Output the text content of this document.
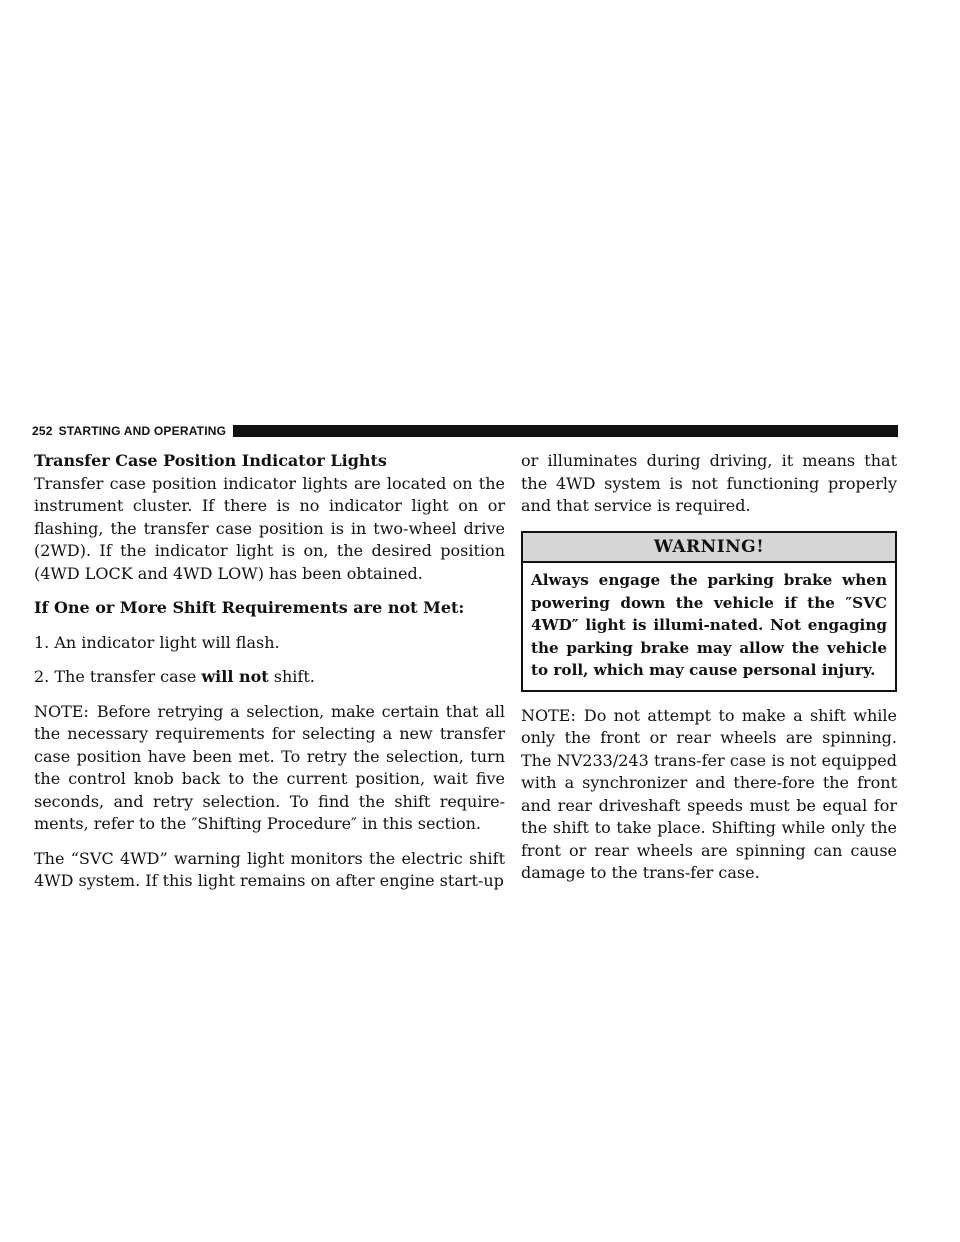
252 STARTING AND OPERATING

Transfer Case Position Indicator Lights

Transfer case position indicator lights are located on the instrument cluster. If there is no indicator light on or flashing, the transfer case position is in two-wheel drive (2WD). If the indicator light is on, the desired position (4WD LOCK and 4WD LOW) has been obtained.

If One or More Shift Requirements are not Met:

1. An indicator light will flash.

2. The transfer case will not shift.

NOTE: Before retrying a selection, make certain that all the necessary requirements for selecting a new transfer case position have been met. To retry the selection, turn the control knob back to the current position, wait five seconds, and retry selection. To find the shift require-ments, refer to the ″Shifting Procedure″ in this section.

The “SVC 4WD” warning light monitors the electric shift 4WD system. If this light remains on after engine start-up

or illuminates during driving, it means that the 4WD system is not functioning properly and that service is required.

WARNING!
Always engage the parking brake when powering down the vehicle if the ″SVC 4WD″ light is illumi-nated. Not engaging the parking brake may allow the vehicle to roll, which may cause personal injury.

NOTE: Do not attempt to make a shift while only the front or rear wheels are spinning. The NV233/243 trans-fer case is not equipped with a synchronizer and there-fore the front and rear driveshaft speeds must be equal for the shift to take place. Shifting while only the front or rear wheels are spinning can cause damage to the trans-fer case.
